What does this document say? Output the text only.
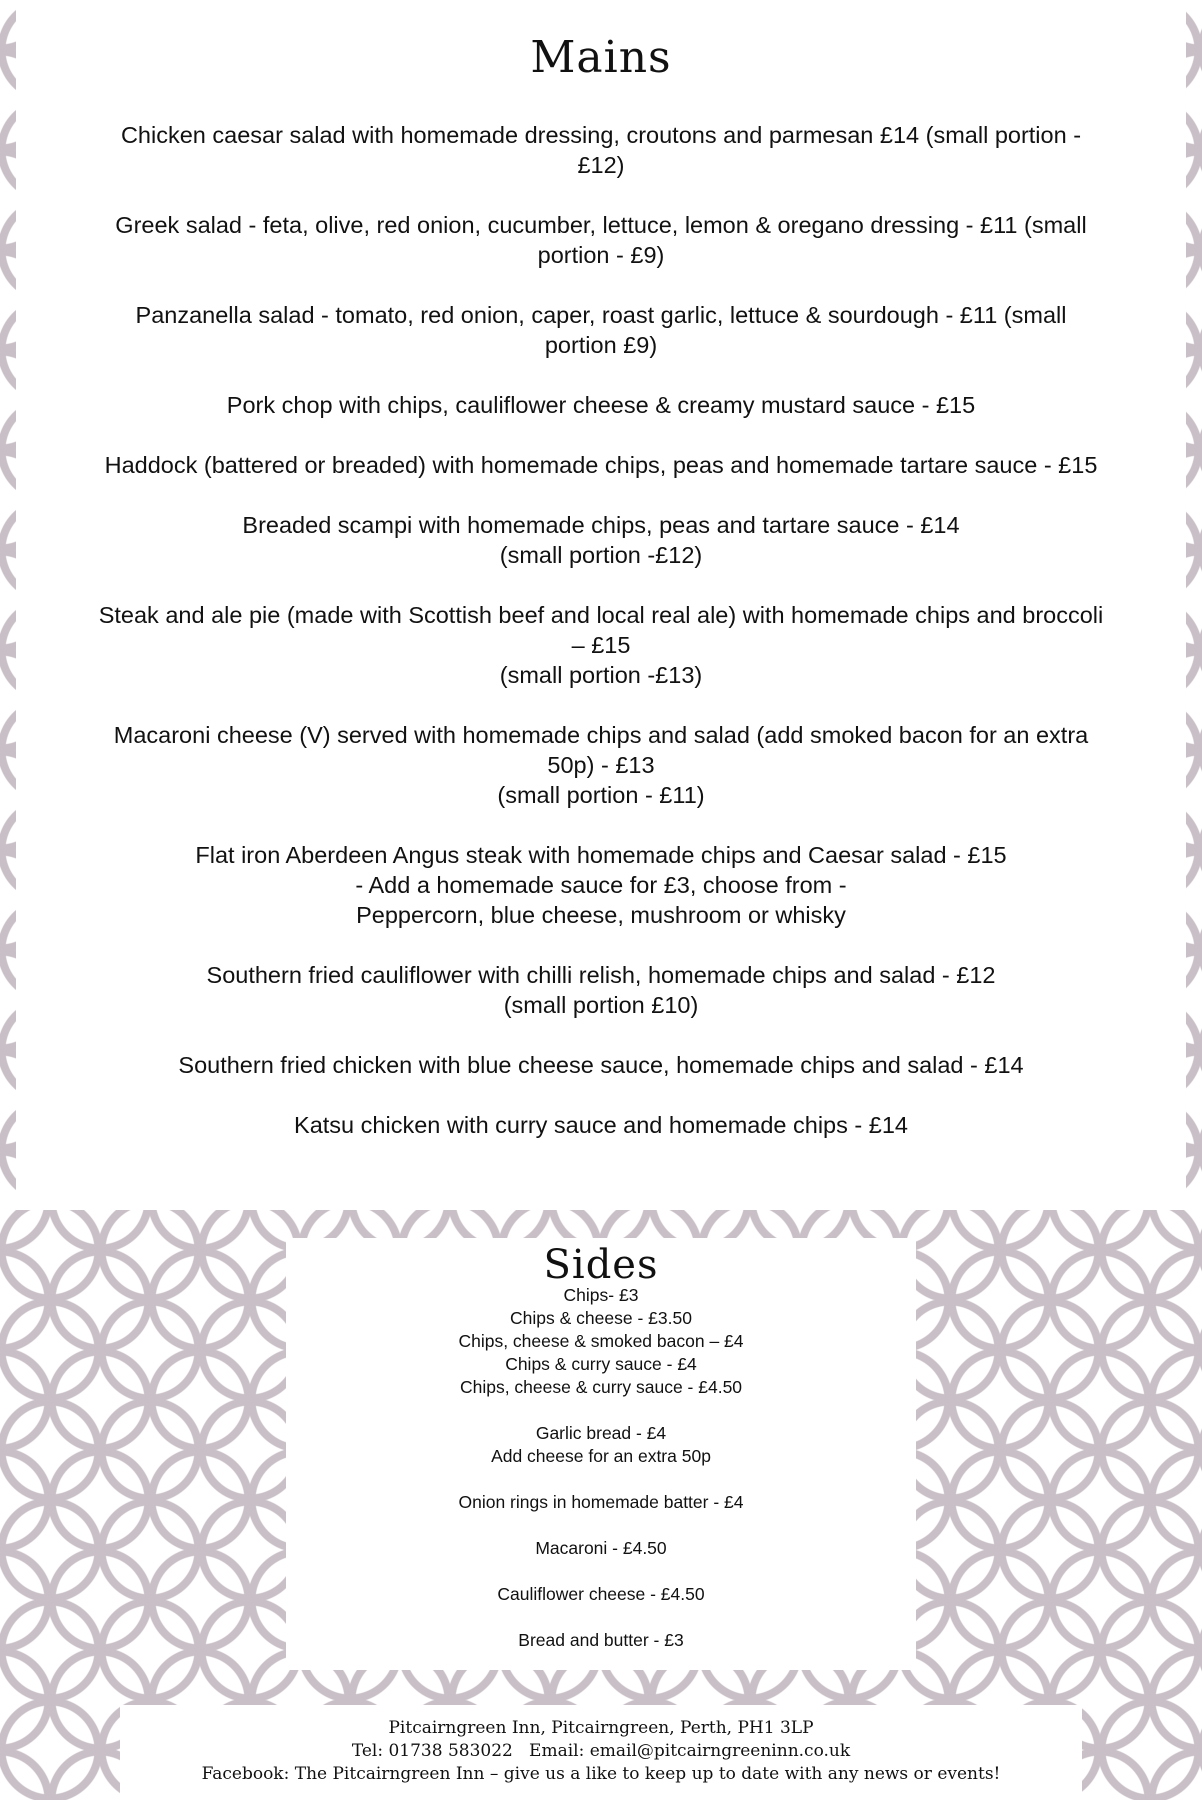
Mains
Chicken caesar salad with homemade dressing, croutons and parmesan £14 (small portion -
£12)
Greek salad - feta, olive, red onion, cucumber, lettuce, lemon & oregano dressing - £11 (small
portion - £9)
Panzanella salad - tomato, red onion, caper, roast garlic, lettuce & sourdough - £11 (small
portion £9)
Pork chop with chips, cauliflower cheese & creamy mustard sauce - £15
Haddock (battered or breaded) with homemade chips, peas and homemade tartare sauce - £15
Breaded scampi with homemade chips, peas and tartare sauce - £14
(small portion -£12)
Steak and ale pie (made with Scottish beef and local real ale) with homemade chips and broccoli
– £15
(small portion -£13)
Macaroni cheese (V) served with homemade chips and salad (add smoked bacon for an extra
50p) - £13
(small portion - £11)
Flat iron Aberdeen Angus steak with homemade chips and Caesar salad - £15
- Add a homemade sauce for £3, choose from -
Peppercorn, blue cheese, mushroom or whisky
Southern fried cauliflower with chilli relish, homemade chips and salad - £12
(small portion £10)
Southern fried chicken with blue cheese sauce, homemade chips and salad - £14
Katsu chicken with curry sauce and homemade chips - £14
Sides
Chips- £3
Chips & cheese - £3.50
Chips, cheese & smoked bacon – £4
Chips & curry sauce - £4
Chips, cheese & curry sauce - £4.50
Garlic bread - £4
Add cheese for an extra 50p
Onion rings in homemade batter - £4
Macaroni - £4.50
Cauliflower cheese - £4.50
Bread and butter - £3
Pitcairngreen Inn, Pitcairngreen, Perth, PH1 3LP
Tel: 01738 583022   Email: email@pitcairngreeninn.co.uk
Facebook: The Pitcairngreen Inn – give us a like to keep up to date with any news or events!
